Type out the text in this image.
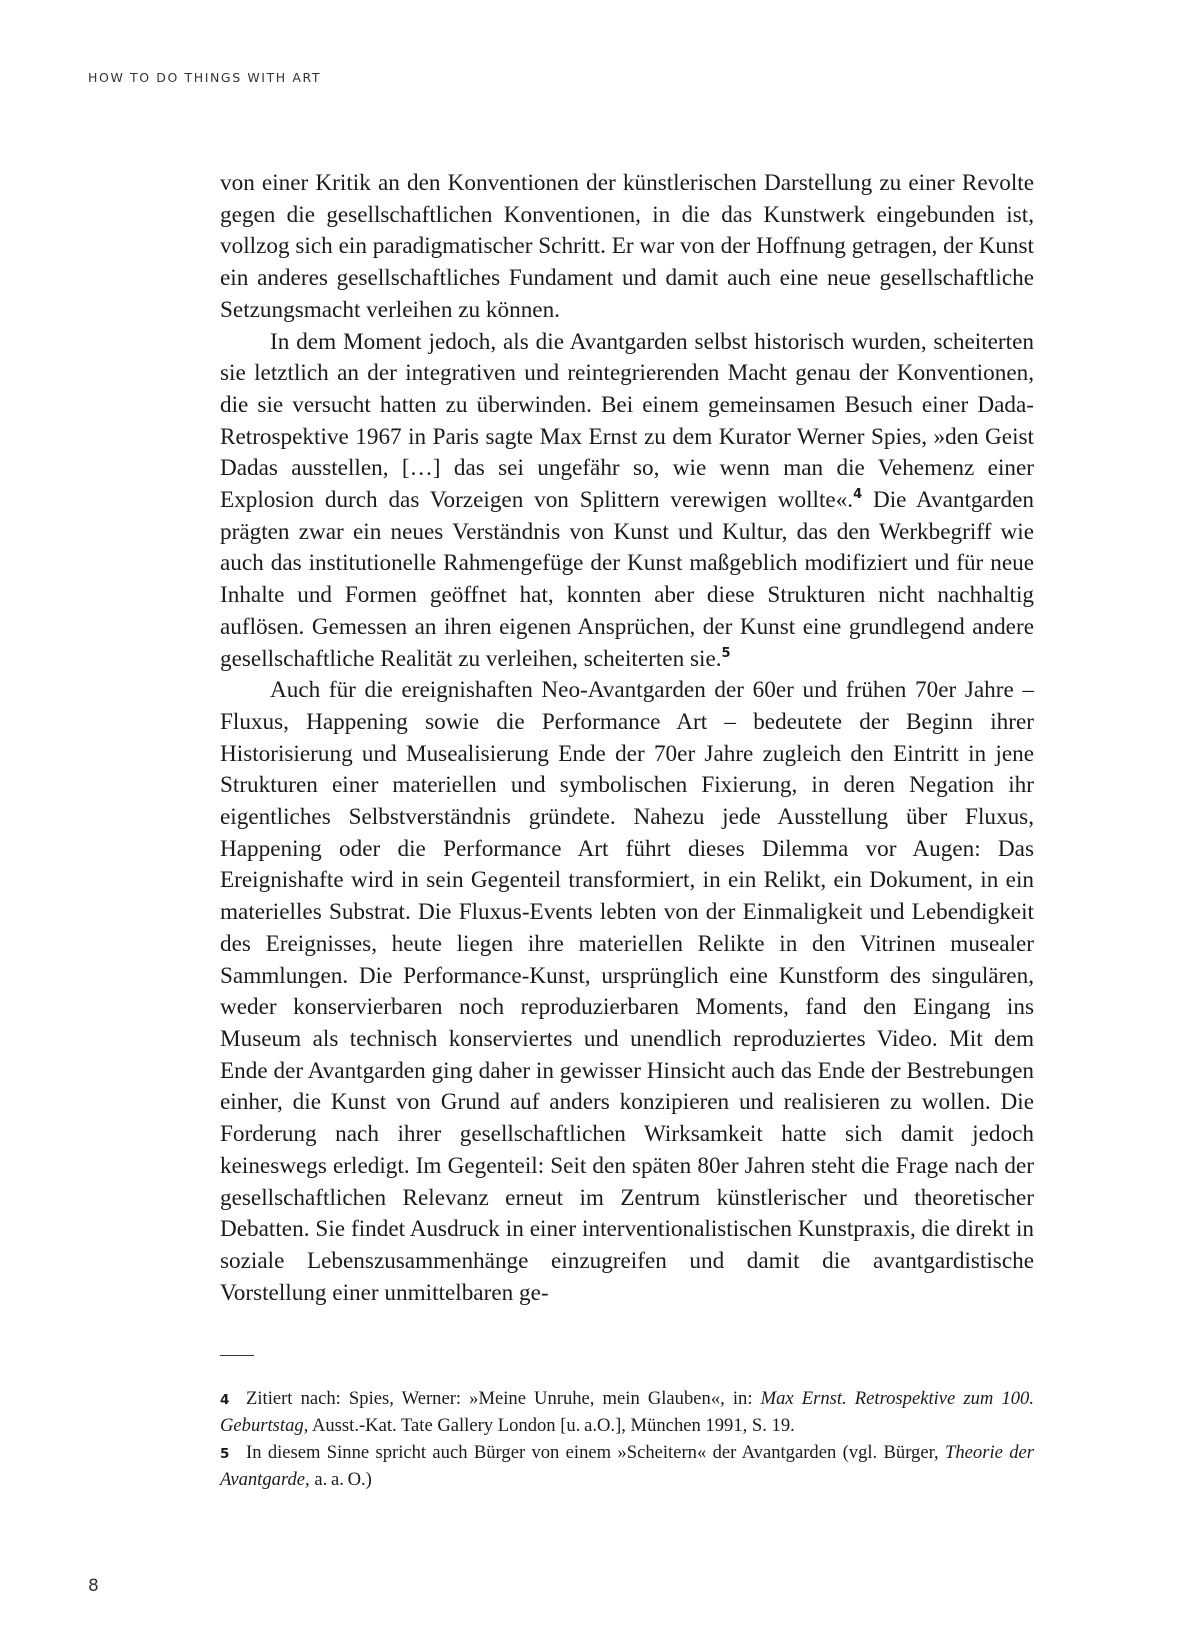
HOW TO DO THINGS WITH ART

von einer Kritik an den Konventionen der künstlerischen Darstellung zu einer Revolte gegen die gesellschaftlichen Konventionen, in die das Kunstwerk eingebunden ist, vollzog sich ein paradigmatischer Schritt. Er war von der Hoffnung getragen, der Kunst ein anderes gesellschaftliches Fundament und damit auch eine neue gesellschaftliche Setzungsmacht verleihen zu können.

In dem Moment jedoch, als die Avantgarden selbst historisch wurden, scheiterten sie letztlich an der integrativen und reintegrierenden Macht genau der Konventionen, die sie versucht hatten zu überwinden. Bei einem gemeinsamen Besuch einer Dada-Retrospektive 1967 in Paris sagte Max Ernst zu dem Kurator Werner Spies, »den Geist Dadas ausstellen, […] das sei ungefähr so, wie wenn man die Vehemenz einer Explosion durch das Vorzeigen von Splittern verewigen wollte«.$^4$ Die Avantgarden prägten zwar ein neues Verständnis von Kunst und Kultur, das den Werkbegriff wie auch das institutionelle Rahmengefüge der Kunst maßgeblich modifiziert und für neue Inhalte und Formen geöffnet hat, konnten aber diese Strukturen nicht nachhaltig auflösen. Gemessen an ihren eigenen Ansprüchen, der Kunst eine grundlegend andere gesellschaftliche Realität zu verleihen, scheiterten sie.$^5$

Auch für die ereignishaften Neo-Avantgarden der 60er und frühen 70er Jahre – Fluxus, Happening sowie die Performance Art – bedeutete der Beginn ihrer Historisierung und Musealisierung Ende der 70er Jahre zugleich den Eintritt in jene Strukturen einer materiellen und symbolischen Fixierung, in deren Negation ihr eigentliches Selbstverständnis gründete. Nahezu jede Ausstellung über Fluxus, Happening oder die Performance Art führt dieses Dilemma vor Augen: Das Ereignishafte wird in sein Gegenteil transformiert, in ein Relikt, ein Dokument, in ein materielles Substrat. Die Fluxus-Events lebten von der Einmaligkeit und Lebendigkeit des Ereignisses, heute liegen ihre materiellen Relikte in den Vitrinen musealer Sammlungen. Die Performance-Kunst, ursprünglich eine Kunstform des singulären, weder konservierbaren noch reproduzierbaren Moments, fand den Eingang ins Museum als technisch konserviertes und unendlich reproduziertes Video. Mit dem Ende der Avantgarden ging daher in gewisser Hinsicht auch das Ende der Bestrebungen einher, die Kunst von Grund auf anders konzipieren und realisieren zu wollen. Die Forderung nach ihrer gesellschaftlichen Wirksamkeit hatte sich damit jedoch keineswegs erledigt. Im Gegenteil: Seit den späten 80er Jahren steht die Frage nach der gesellschaftlichen Relevanz erneut im Zentrum künstlerischer und theoretischer Debatten. Sie findet Ausdruck in einer interventionalistischen Kunstpraxis, die direkt in soziale Lebenszusammenhänge einzugreifen und damit die avantgardistische Vorstellung einer unmittelbaren ge-

4 Zitiert nach: Spies, Werner: »Meine Unruhe, mein Glauben«, in: Max Ernst. Retrospektive zum 100. Geburtstag, Ausst.-Kat. Tate Gallery London [u. a.O.], München 1991, S. 19.
5 In diesem Sinne spricht auch Bürger von einem »Scheitern« der Avantgarden (vgl. Bürger, Theorie der Avantgarde, a. a. O.)
8
